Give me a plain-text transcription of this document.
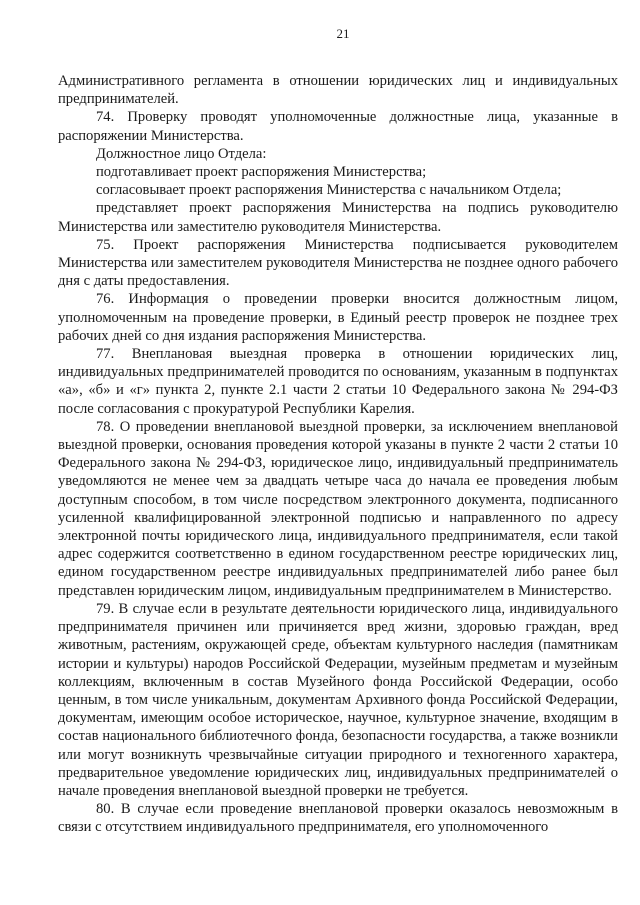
21

Административного регламента в отношении юридических лиц и индивидуальных предпринимателей.

74. Проверку проводят уполномоченные должностные лица, указанные в распоряжении Министерства.

Должностное лицо Отдела:

подготавливает проект распоряжения Министерства;

согласовывает проект распоряжения Министерства с начальником Отдела;

представляет проект распоряжения Министерства на подпись руководителю Министерства или заместителю руководителя Министерства.

75. Проект распоряжения Министерства подписывается руководителем Министерства или заместителем руководителя Министерства не позднее одного рабочего дня с даты предоставления.

76. Информация о проведении проверки вносится должностным лицом, уполномоченным на проведение проверки, в Единый реестр проверок не позднее трех рабочих дней со дня издания распоряжения Министерства.

77. Внеплановая выездная проверка в отношении юридических лиц, индивидуальных предпринимателей проводится по основаниям, указанным в подпунктах «а», «б» и «г» пункта 2, пункте 2.1 части 2 статьи 10 Федерального закона № 294-ФЗ после согласования с прокуратурой Республики Карелия.

78. О проведении внеплановой выездной проверки, за исключением внеплановой выездной проверки, основания проведения которой указаны в пункте 2 части 2 статьи 10 Федерального закона № 294-ФЗ, юридическое лицо, индивидуальный предприниматель уведомляются не менее чем за двадцать четыре часа до начала ее проведения любым доступным способом, в том числе посредством электронного документа, подписанного усиленной квалифицированной электронной подписью и направленного по адресу электронной почты юридического лица, индивидуального предпринимателя, если такой адрес содержится соответственно в едином государственном реестре юридических лиц, едином государственном реестре индивидуальных предпринимателей либо ранее был представлен юридическим лицом, индивидуальным предпринимателем в Министерство.

79. В случае если в результате деятельности юридического лица, индивидуального предпринимателя причинен или причиняется вред жизни, здоровью граждан, вред животным, растениям, окружающей среде, объектам культурного наследия (памятникам истории и культуры) народов Российской Федерации, музейным предметам и музейным коллекциям, включенным в состав Музейного фонда Российской Федерации, особо ценным, в том числе уникальным, документам Архивного фонда Российской Федерации, документам, имеющим особое историческое, научное, культурное значение, входящим в состав национального библиотечного фонда, безопасности государства, а также возникли или могут возникнуть чрезвычайные ситуации природного и техногенного характера, предварительное уведомление юридических лиц, индивидуальных предпринимателей о начале проведения внеплановой выездной проверки не требуется.

80. В случае если проведение внеплановой проверки оказалось невозможным в связи с отсутствием индивидуального предпринимателя, его уполномоченного
